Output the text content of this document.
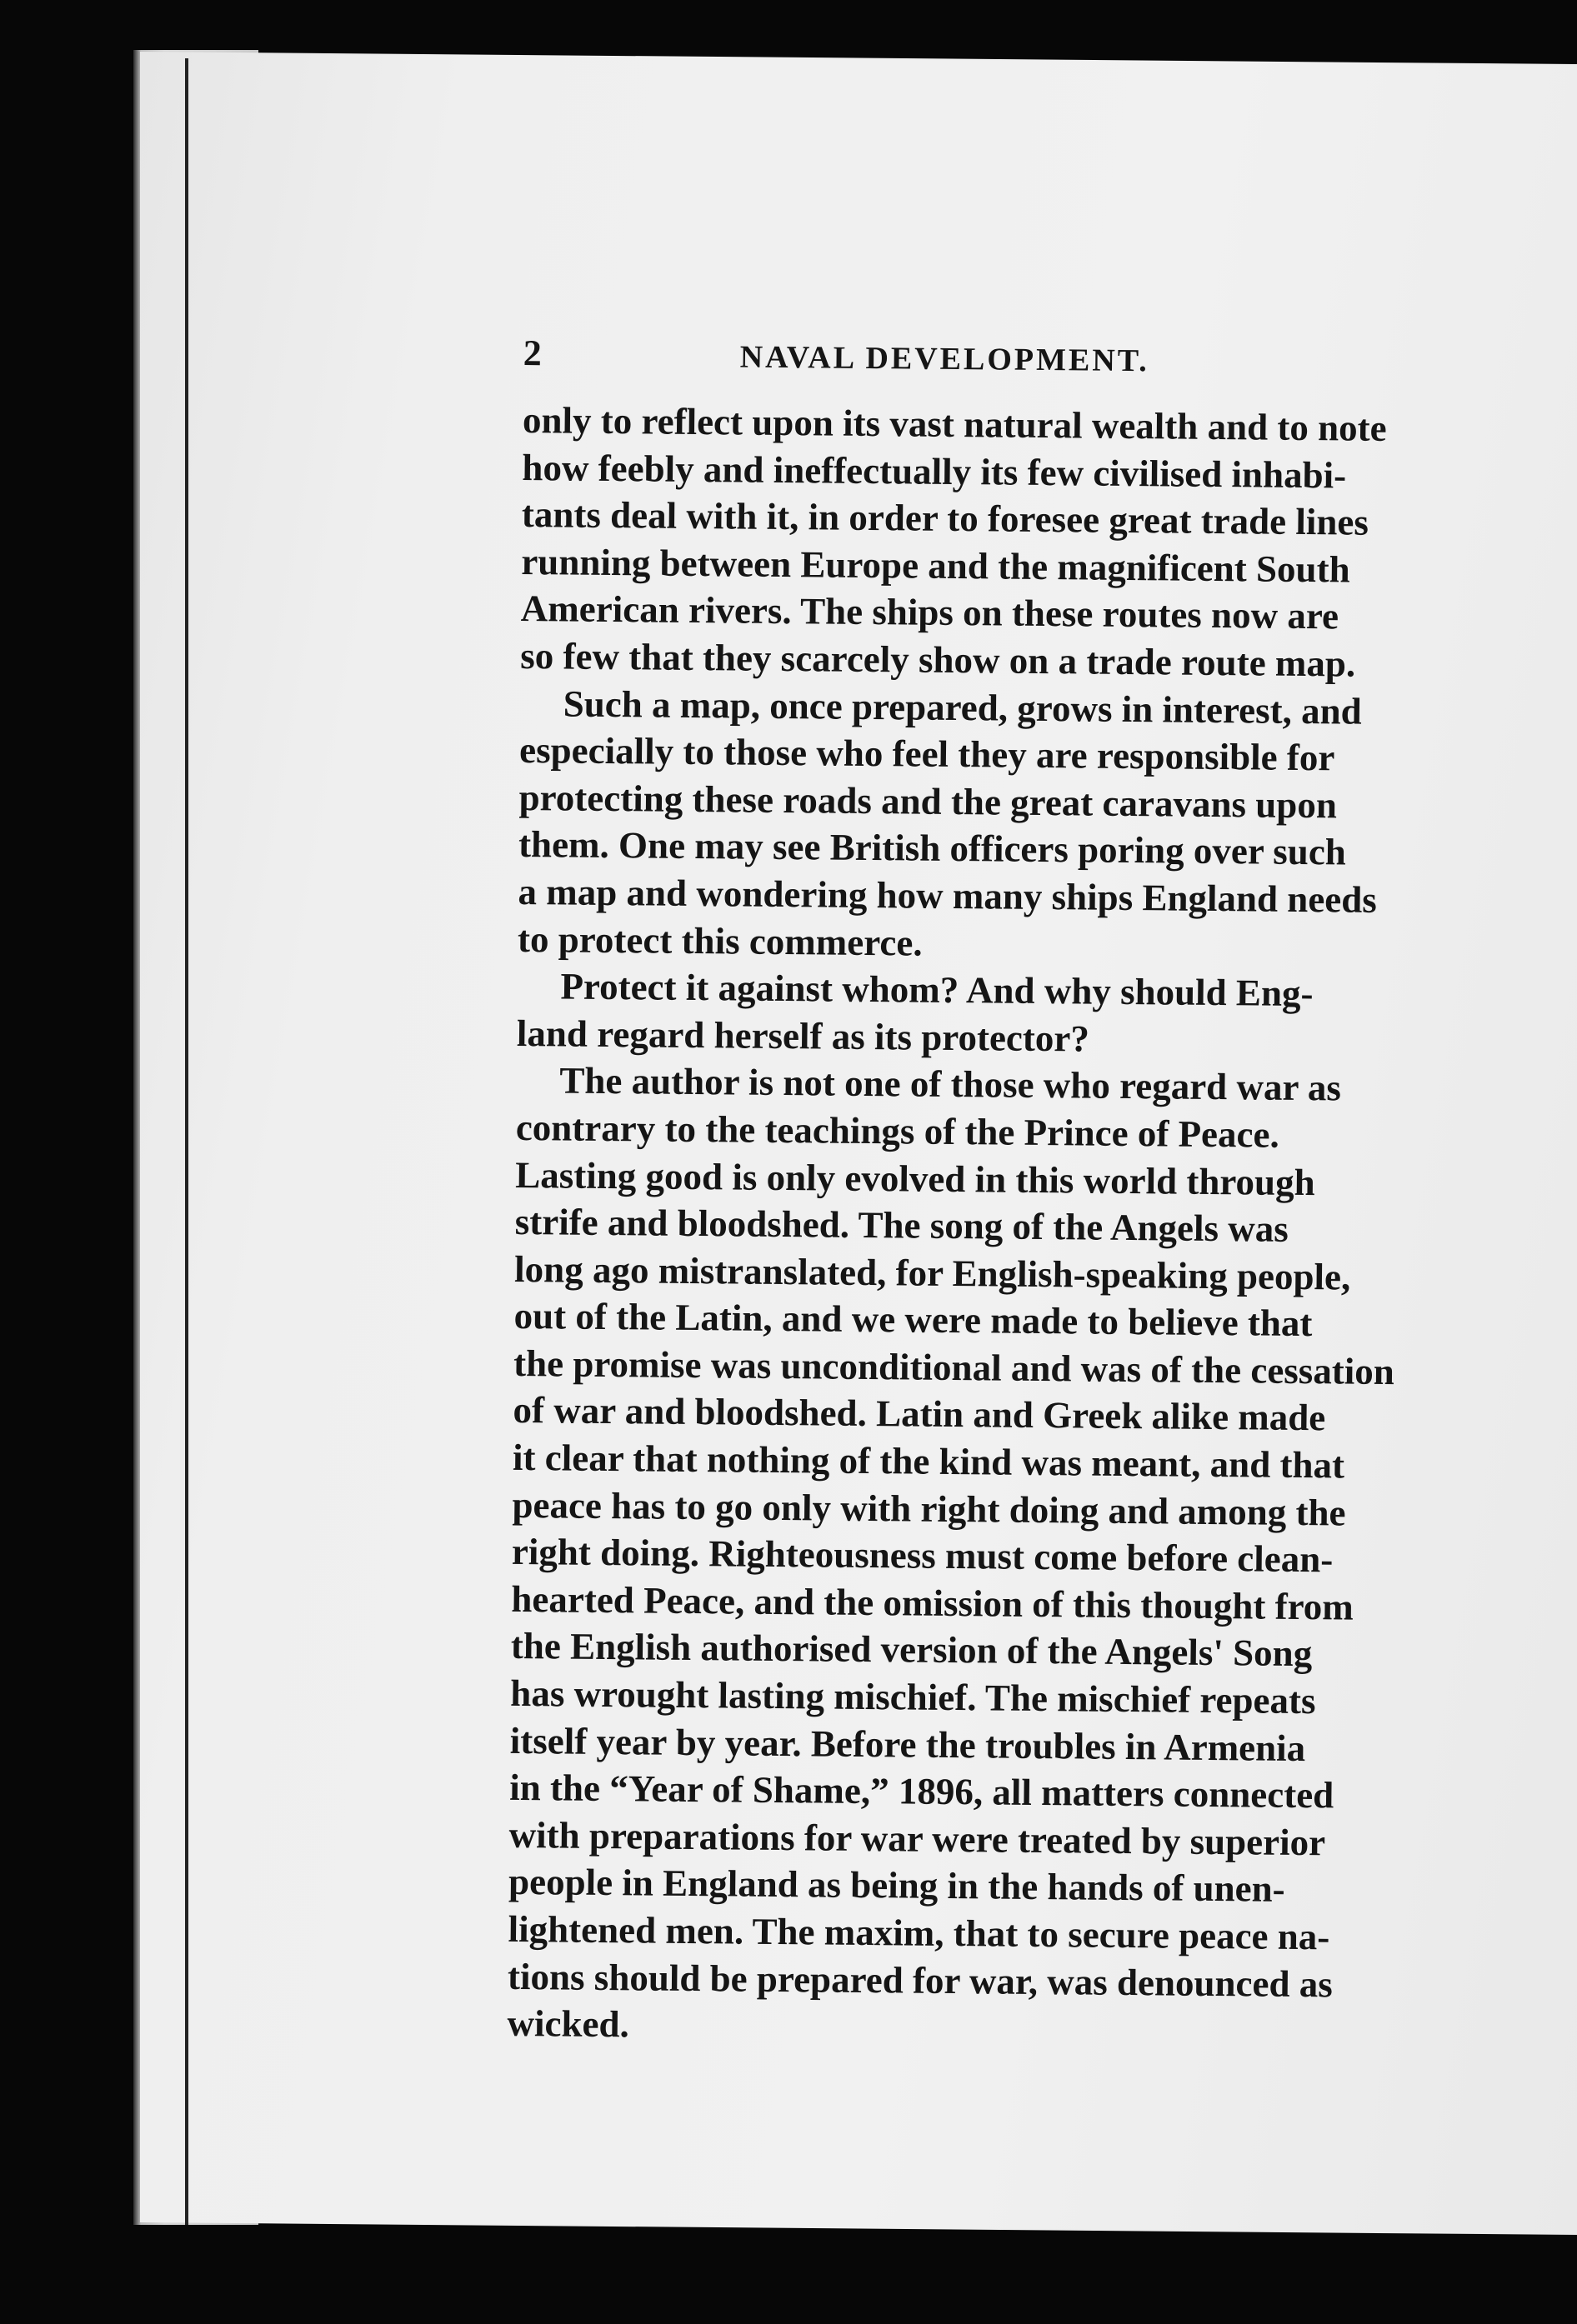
2	NAVAL DEVELOPMENT.

only to reflect upon its vast natural wealth and to note
how feebly and ineffectually its few civilised inhabi-
tants deal with it, in order to foresee great trade lines
running between Europe and the magnificent South
American rivers. The ships on these routes now are
so few that they scarcely show on a trade route map.

Such a map, once prepared, grows in interest, and
especially to those who feel they are responsible for
protecting these roads and the great caravans upon
them. One may see British officers poring over such
a map and wondering how many ships England needs
to protect this commerce.

Protect it against whom? And why should Eng-
land regard herself as its protector?

The author is not one of those who regard war as
contrary to the teachings of the Prince of Peace.
Lasting good is only evolved in this world through
strife and bloodshed. The song of the Angels was
long ago mistranslated, for English-speaking people,
out of the Latin, and we were made to believe that
the promise was unconditional and was of the cessation
of war and bloodshed. Latin and Greek alike made
it clear that nothing of the kind was meant, and that
peace has to go only with right doing and among the
right doing. Righteousness must come before clean-
hearted Peace, and the omission of this thought from
the English authorised version of the Angels' Song
has wrought lasting mischief. The mischief repeats
itself year by year. Before the troubles in Armenia
in the “Year of Shame,” 1896, all matters connected
with preparations for war were treated by superior
people in England as being in the hands of unen-
lightened men. The maxim, that to secure peace na-
tions should be prepared for war, was denounced as
wicked.
